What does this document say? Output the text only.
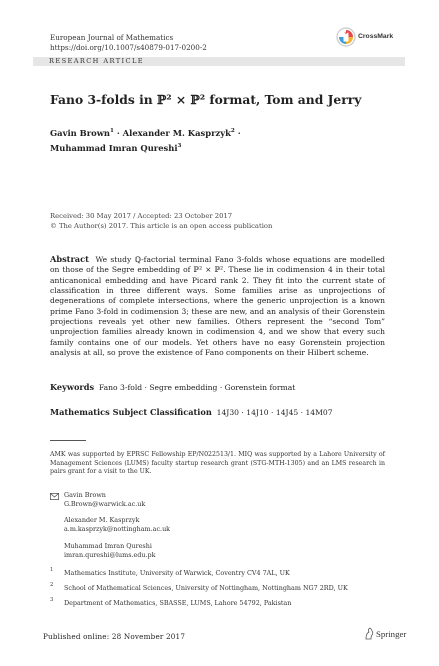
European Journal of Mathematics
https://doi.org/10.1007/s40879-017-0200-2
CrossMark
RESEARCH ARTICLE
Fano 3-folds in ℙ² × ℙ² format, Tom and Jerry
Gavin Brown$^1$ · Alexander M. Kasprzyk$^2$ ·
Muhammad Imran Qureshi$^3$
Received: 30 May 2017 / Accepted: 23 October 2017
© The Author(s) 2017. This article is an open access publication
Abstract We study ℚ-factorial terminal Fano 3-folds whose equations are modelled on those of the Segre embedding of ℙ² × ℙ². These lie in codimension 4 in their total anticanonical embedding and have Picard rank 2. They fit into the current state of classification in three different ways. Some families arise as unprojections of degenerations of complete intersections, where the generic unprojection is a known prime Fano 3-fold in codimension 3; these are new, and an analysis of their Gorenstein projections reveals yet other new families. Others represent the “second Tom” unprojection families already known in codimension 4, and we show that every such family contains one of our models. Yet others have no easy Gorenstein projection analysis at all, so prove the existence of Fano components on their Hilbert scheme.
Keywords Fano 3-fold · Segre embedding · Gorenstein format
Mathematics Subject Classification 14J30 · 14J10 · 14J45 · 14M07
AMK was supported by EPRSC Fellowship EP/N022513/1. MIQ was supported by a Lahore University of Management Sciences (LUMS) faculty startup research grant (STG-MTH-1305) and an LMS research in pairs grant for a visit to the UK.
Gavin Brown
G.Brown@warwick.ac.uk
Alexander M. Kasprzyk
a.m.kasprzyk@nottingham.ac.uk
Muhammad Imran Qureshi
imran.qureshi@lums.edu.pk
1 Mathematics Institute, University of Warwick, Coventry CV4 7AL, UK
2 School of Mathematical Sciences, University of Nottingham, Nottingham NG7 2RD, UK
3 Department of Mathematics, SBASSE, LUMS, Lahore 54792, Pakistan
Published online: 28 November 2017	Springer
